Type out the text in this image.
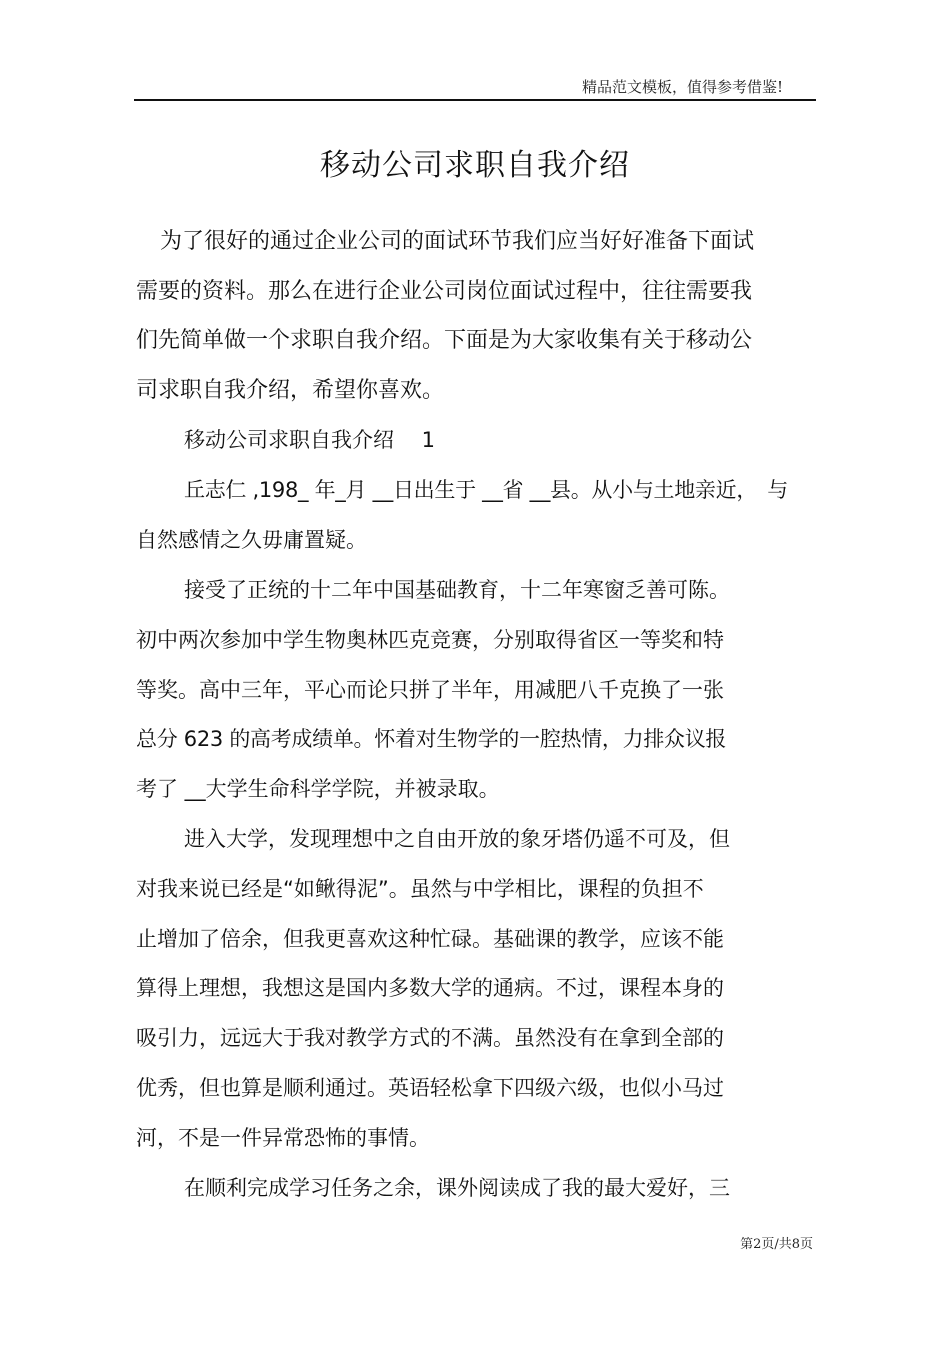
精品范文模板，值得参考借鉴!
移动公司求职自我介绍
为了很好的通过企业公司的面试环节我们应当好好准备下面试
需要的资料。那么在进行企业公司岗位面试过程中，往往需要我
们先简单做一个求职自我介绍。下面是为大家收集有关于移动公
司求职自我介绍，希望你喜欢。
移动公司求职自我介绍　 1
丘志仁 ,198_ 年_月 __日出生于 __省 __县。从小与土地亲近，　与
自然感情之久毋庸置疑。
接受了正统的十二年中国基础教育，十二年寒窗乏善可陈。
初中两次参加中学生物奥林匹克竞赛，分别取得省区一等奖和特
等奖。高中三年，平心而论只拼了半年，用减肥八千克换了一张
总分 623 的高考成绩单。怀着对生物学的一腔热情，力排众议报
考了 __大学生命科学学院，并被录取。
进入大学，发现理想中之自由开放的象牙塔仍遥不可及，但
对我来说已经是“如鳅得泥”。虽然与中学相比，课程的负担不
止增加了倍余，但我更喜欢这种忙碌。基础课的教学，应该不能
算得上理想，我想这是国内多数大学的通病。不过，课程本身的
吸引力，远远大于我对教学方式的不满。虽然没有在拿到全部的
优秀，但也算是顺利通过。英语轻松拿下四级六级，也似小马过
河，不是一件异常恐怖的事情。
在顺利完成学习任务之余，课外阅读成了我的最大爱好，三
第2页/共8页
